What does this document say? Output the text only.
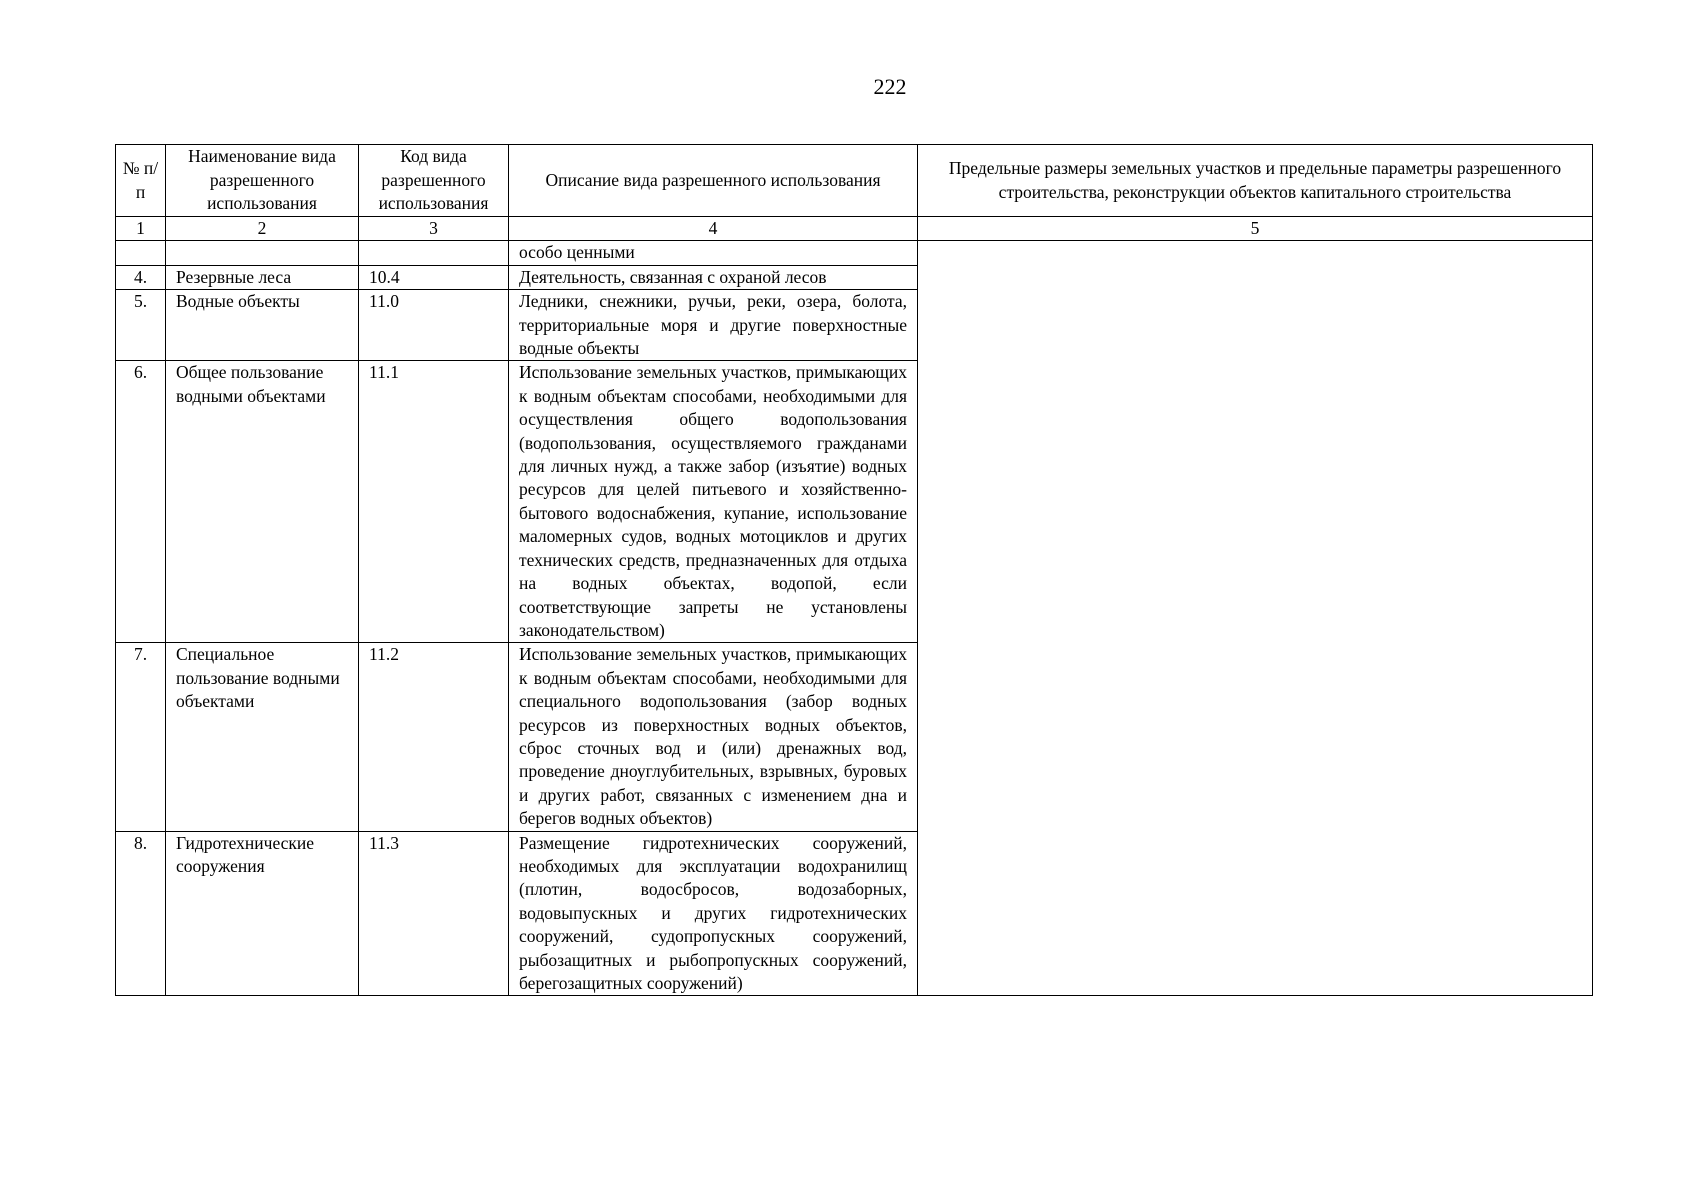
222
№ п/п	Наименование вида разрешенного использования	Код вида разрешенного использования	Описание вида разрешенного использования	Предельные размеры земельных участков и предельные параметры разрешенного строительства, реконструкции объектов капитального строительства
1	2	3	4	5
			особо ценными	
4.	Резервные леса	10.4	Деятельность, связанная с охраной лесов	
5.	Водные объекты	11.0	Ледники, снежники, ручьи, реки, озера, болота, территориальные моря и другие поверхностные водные объекты	
6.	Общее пользование водными объектами	11.1	Использование земельных участков, примыкающих к водным объектам способами, необходимыми для осуществления общего водопользования (водопользования, осуществляемого гражданами для личных нужд, а также забор (изъятие) водных ресурсов для целей питьевого и хозяйственно-бытового водоснабжения, купание, использование маломерных судов, водных мотоциклов и других технических средств, предназначенных для отдыха на водных объектах, водопой, если соответствующие запреты не установлены законодательством)	
7.	Специальное пользование водными объектами	11.2	Использование земельных участков, примыкающих к водным объектам способами, необходимыми для специального водопользования (забор водных ресурсов из поверхностных водных объектов, сброс сточных вод и (или) дренажных вод, проведение дноуглубительных, взрывных, буровых и других работ, связанных с изменением дна и берегов водных объектов)	
8.	Гидротехнические сооружения	11.3	Размещение гидротехнических сооружений, необходимых для эксплуатации водохранилищ (плотин, водосбросов, водозаборных, водовыпускных и других гидротехнических сооружений, судопропускных сооружений, рыбозащитных и рыбопропускных сооружений, берегозащитных сооружений)	
